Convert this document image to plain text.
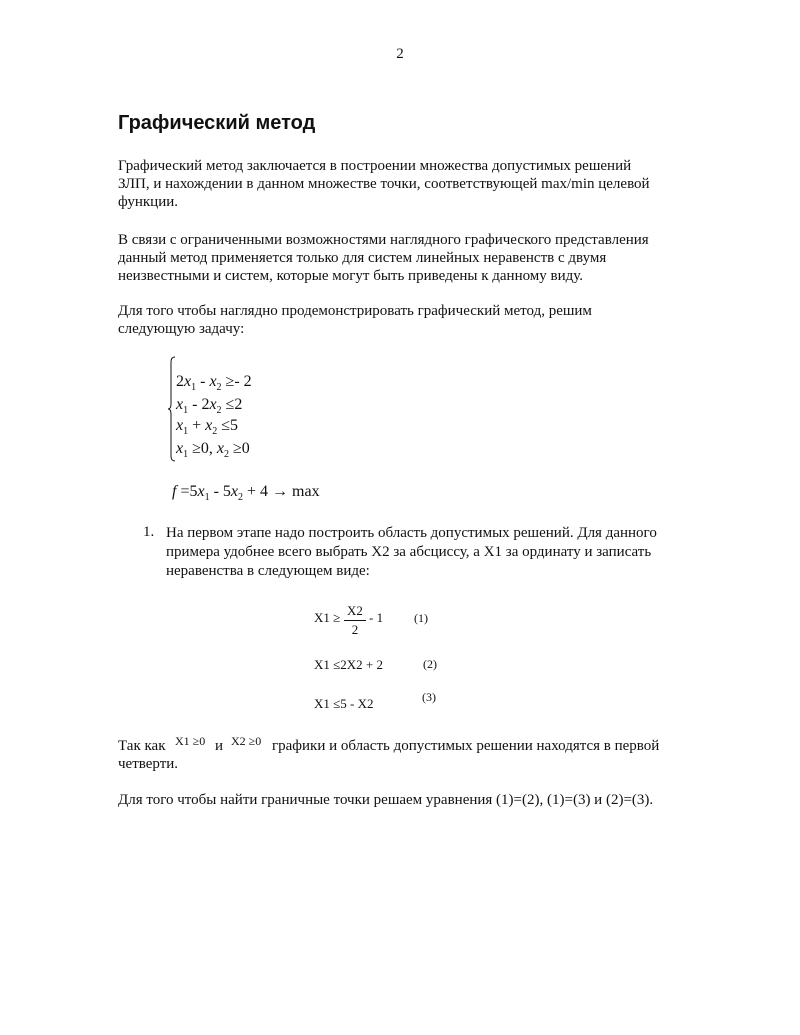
2
Графический метод
Графический метод заключается в построении множества допустимых решений
ЗЛП, и нахождении в данном множестве точки, соответствующей max/min целевой
функции.
В связи с ограниченными возможностями наглядного графического представления
данный метод применяется только для систем линейных неравенств с двумя
неизвестными и систем, которые могут быть приведены к данному виду.
Для того чтобы наглядно продемонстрировать графический метод, решим
следующую задачу:
$2x_1 - x_2 \ge- 2$
$x_1 - 2x_2 \le 2$
$x_1 + x_2 \le 5$
$x_1 \ge 0$, $x_2 \ge 0$
$f =5x_1 - 5x_2 + 4 \to \max$
1. На первом этапе надо построить область допустимых решений. Для данного
примера удобнее всего выбрать X2 за абсциссу, а X1 за ординату и записать
неравенства в следующем виде:
X1 ≥ X2
2
- 1	(1)
X1 ≤2X2 + 2	(2)
X1 ≤5 - X2	(3)
Так как X1 ≥0 и X2 ≥0 графики и область допустимых решении находятся в первой
четверти.
Для того чтобы найти граничные точки решаем уравнения (1)=(2), (1)=(3) и (2)=(3).
